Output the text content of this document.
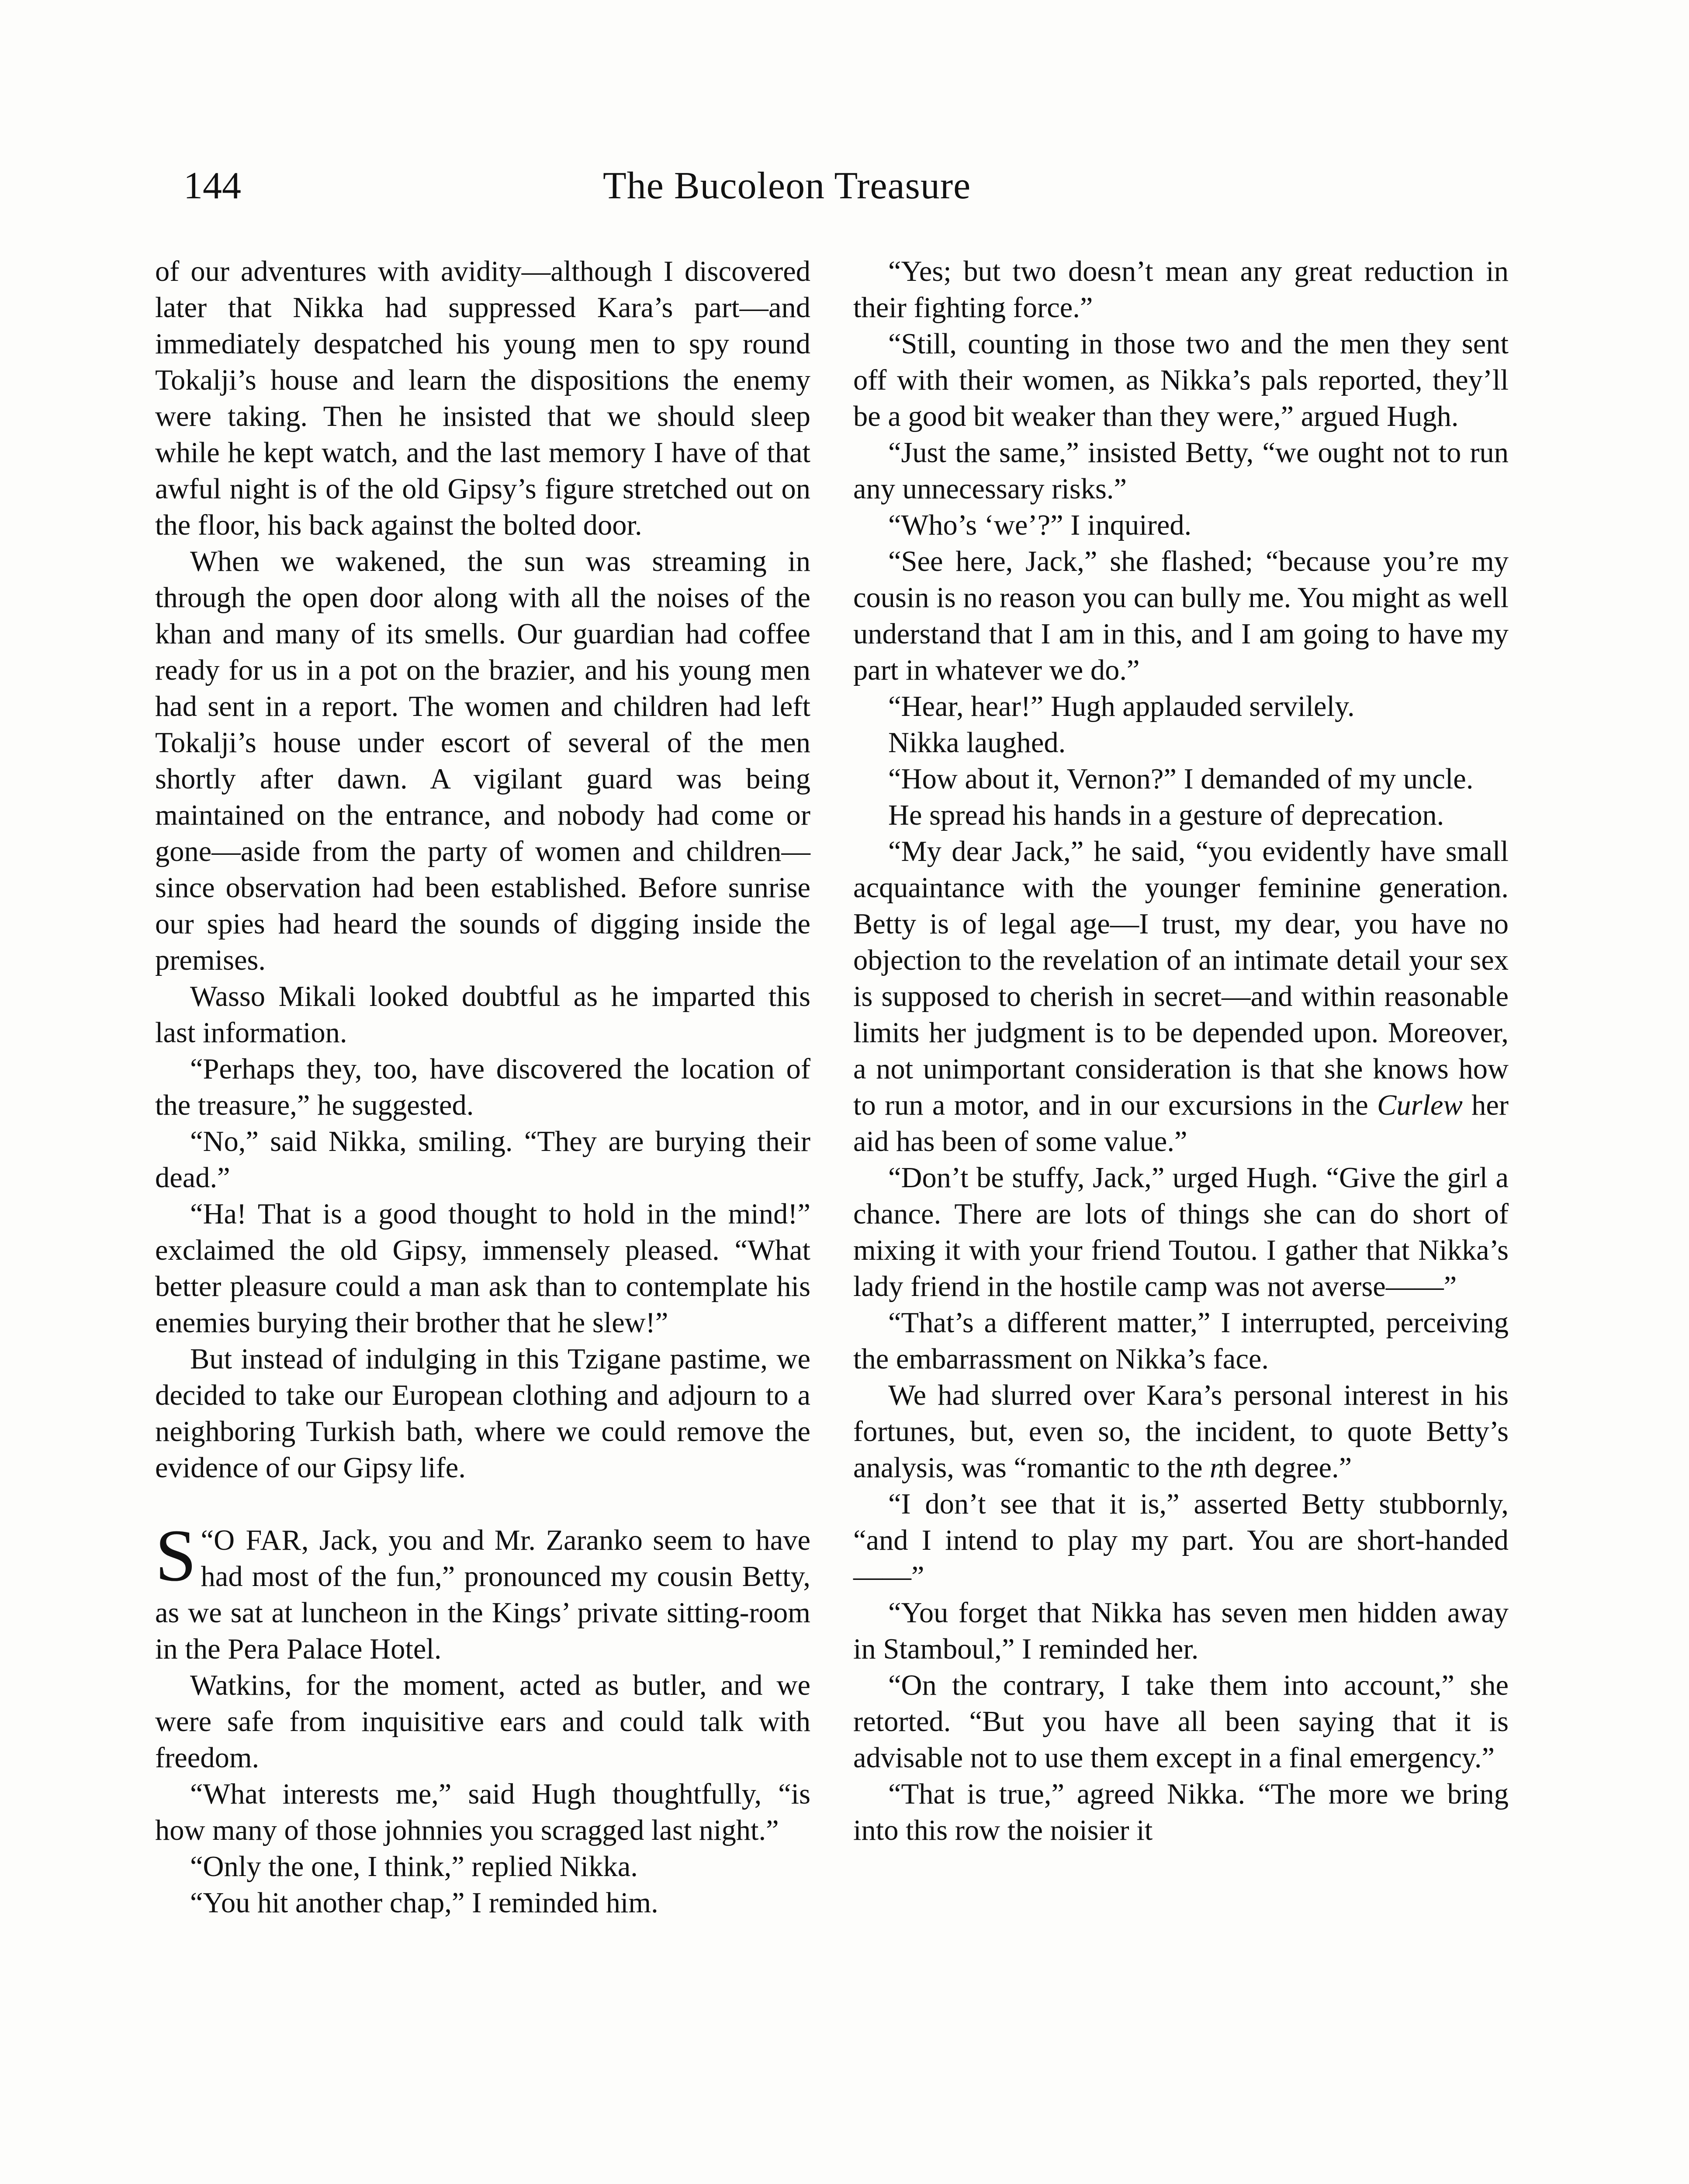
144	The Bucoleon Treasure

of our adventures with avidity—although I discovered later that Nikka had suppressed Kara’s part—and immediately despatched his young men to spy round Tokalji’s house and learn the dispositions the enemy were taking. Then he insisted that we should sleep while he kept watch, and the last memory I have of that awful night is of the old Gipsy’s figure stretched out on the floor, his back against the bolted door.

When we wakened, the sun was streaming in through the open door along with all the noises of the khan and many of its smells. Our guardian had coffee ready for us in a pot on the brazier, and his young men had sent in a report. The women and children had left Tokalji’s house under escort of several of the men shortly after dawn. A vigilant guard was being maintained on the entrance, and nobody had come or gone—aside from the party of women and children—since observation had been established. Before sunrise our spies had heard the sounds of digging inside the premises.

Wasso Mikali looked doubtful as he imparted this last information.

“Perhaps they, too, have discovered the location of the treasure,” he suggested.

“No,” said Nikka, smiling. “They are burying their dead.”

“Ha! That is a good thought to hold in the mind!” exclaimed the old Gipsy, immensely pleased. “What better pleasure could a man ask than to contemplate his enemies burying their brother that he slew!”

But instead of indulging in this Tzigane pastime, we decided to take our European clothing and adjourn to a neighboring Turkish bath, where we could remove the evidence of our Gipsy life.

“
S O FAR, Jack, you and Mr. Zaranko seem to have had most of the fun,” pronounced my cousin Betty, as we sat at luncheon in the Kings’ private sitting-room in the Pera Palace Hotel.

Watkins, for the moment, acted as butler, and we were safe from inquisitive ears and could talk with freedom.

“What interests me,” said Hugh thoughtfully, “is how many of those johnnies you scragged last night.”

“Only the one, I think,” replied Nikka.

“You hit another chap,” I reminded him.

“Yes; but two doesn’t mean any great reduction in their fighting force.”

“Still, counting in those two and the men they sent off with their women, as Nikka’s pals reported, they’ll be a good bit weaker than they were,” argued Hugh.

“Just the same,” insisted Betty, “we ought not to run any unnecessary risks.”

“Who’s ‘we’?” I inquired.

“See here, Jack,” she flashed; “because you’re my cousin is no reason you can bully me. You might as well understand that I am in this, and I am going to have my part in whatever we do.”

“Hear, hear!” Hugh applauded servilely.

Nikka laughed.

“How about it, Vernon?” I demanded of my uncle.

He spread his hands in a gesture of deprecation.

“My dear Jack,” he said, “you evidently have small acquaintance with the younger feminine generation. Betty is of legal age—I trust, my dear, you have no objection to the revelation of an intimate detail your sex is supposed to cherish in secret—and within reasonable limits her judgment is to be depended upon. Moreover, a not unimportant consideration is that she knows how to run a motor, and in our excursions in the Curlew her aid has been of some value.”

“Don’t be stuffy, Jack,” urged Hugh. “Give the girl a chance. There are lots of things she can do short of mixing it with your friend Toutou. I gather that Nikka’s lady friend in the hostile camp was not averse——”

“That’s a different matter,” I interrupted, perceiving the embarrassment on Nikka’s face.

We had slurred over Kara’s personal interest in his fortunes, but, even so, the incident, to quote Betty’s analysis, was “romantic to the nth degree.”

“I don’t see that it is,” asserted Betty stubbornly, “and I intend to play my part. You are short-handed——”

“You forget that Nikka has seven men hidden away in Stamboul,” I reminded her.

“On the contrary, I take them into account,” she retorted. “But you have all been saying that it is advisable not to use them except in a final emergency.”

“That is true,” agreed Nikka. “The more we bring into this row the noisier it
